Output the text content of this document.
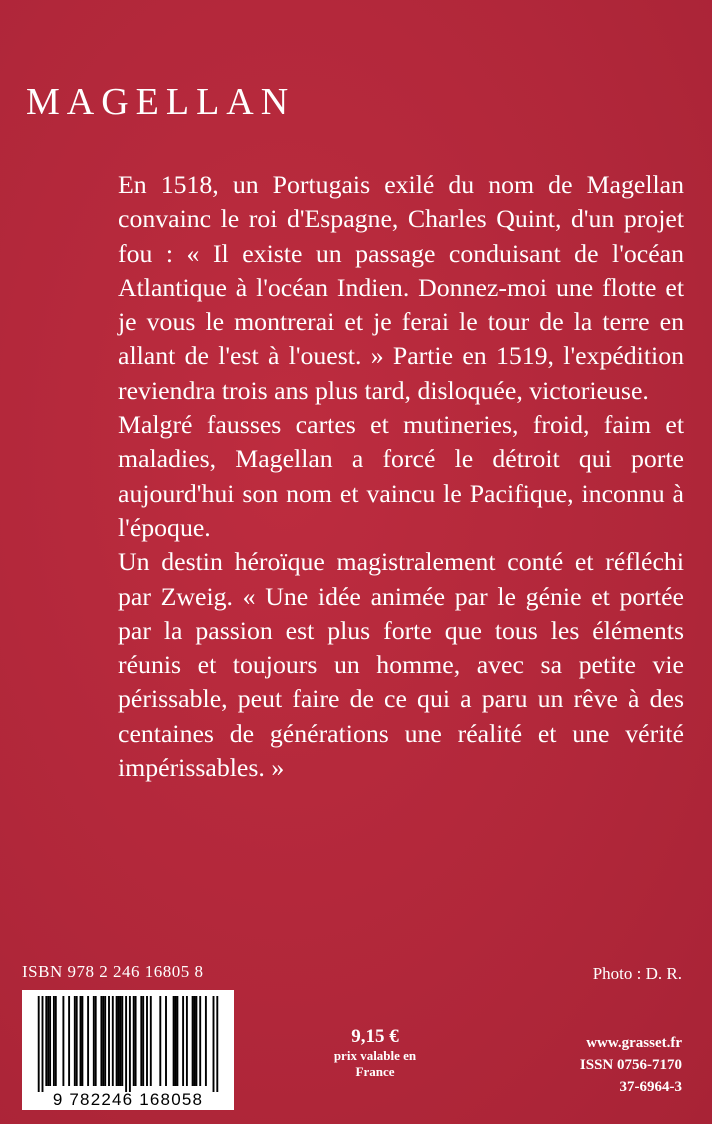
MAGELLAN

En 1518, un Portugais exilé du nom de Magellan convainc le roi d'Espagne, Charles Quint, d'un projet fou : « Il existe un passage conduisant de l'océan Atlantique à l'océan Indien. Donnez-moi une flotte et je vous le montrerai et je ferai le tour de la terre en allant de l'est à l'ouest. » Partie en 1519, l'expédition reviendra trois ans plus tard, disloquée, victorieuse.

Malgré fausses cartes et mutineries, froid, faim et maladies, Magellan a forcé le détroit qui porte aujourd'hui son nom et vaincu le Pacifique, inconnu à l'époque.

Un destin héroïque magistralement conté et réfléchi par Zweig. « Une idée animée par le génie et portée par la passion est plus forte que tous les éléments réunis et toujours un homme, avec sa petite vie périssable, peut faire de ce qui a paru un rêve à des centaines de générations une réalité et une vérité impérissables. »

ISBN 978 2 246 16805 8	Photo : D. R.
9 782246 168058
9,15 €
prix valable en
France
www.grasset.fr
ISSN 0756-7170
37-6964-3
